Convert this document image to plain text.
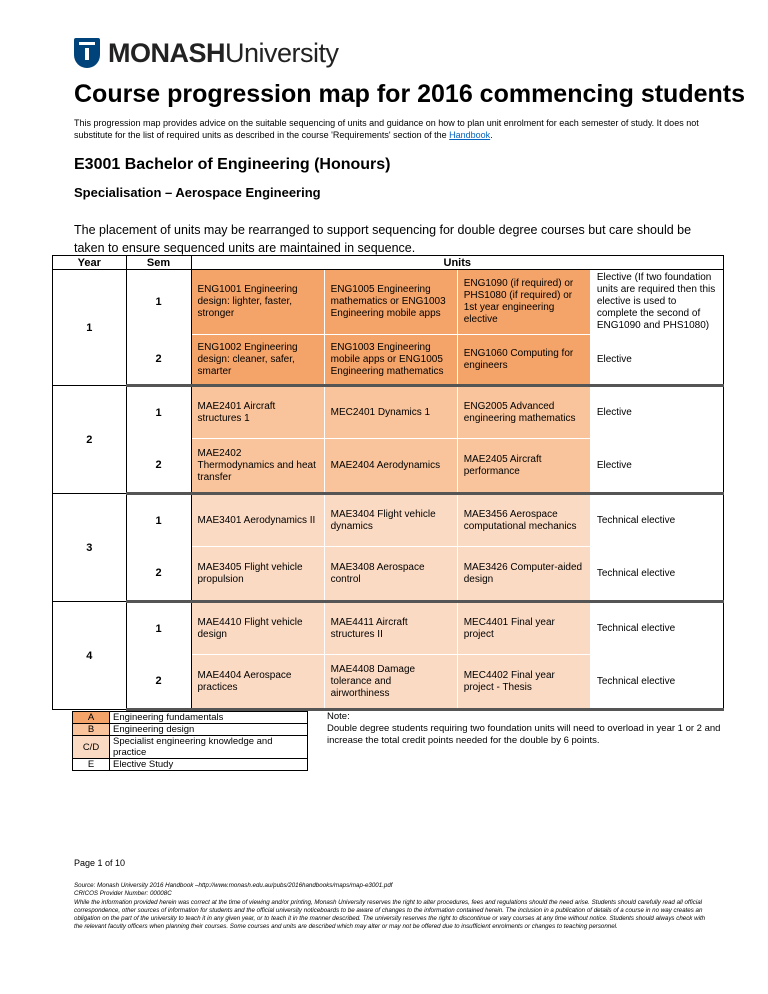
MONASHUniversity
Course progression map for 2016 commencing students
This progression map provides advice on the suitable sequencing of units and guidance on how to plan unit enrolment for each semester of study. It does not substitute for the list of required units as described in the course 'Requirements' section of the Handbook.
E3001 Bachelor of Engineering (Honours)
Specialisation – Aerospace Engineering
The placement of units may be rearranged to support sequencing for double degree courses but care should be taken to ensure sequenced units are maintained in sequence.
Year	Sem	Units			
1	1	ENG1001 Engineering design: lighter, faster, stronger	ENG1005 Engineering mathematics or ENG1003 Engineering mobile apps	ENG1090 (if required) or PHS1080 (if required) or 1st year engineering elective	Elective (If two foundation units are required then this elective is used to complete the second of ENG1090 and PHS1080)
	2	ENG1002 Engineering design: cleaner, safer, smarter	ENG1003 Engineering mobile apps or ENG1005 Engineering mathematics	ENG1060 Computing for engineers	Elective
2	1	MAE2401 Aircraft structures 1	MEC2401 Dynamics 1	ENG2005 Advanced engineering mathematics	Elective
	2	MAE2402 Thermodynamics and heat transfer	MAE2404 Aerodynamics	MAE2405 Aircraft performance	Elective
3	1	MAE3401 Aerodynamics II	MAE3404 Flight vehicle dynamics	MAE3456 Aerospace computational mechanics	Technical elective
	2	MAE3405 Flight vehicle propulsion	MAE3408 Aerospace control	MAE3426 Computer-aided design	Technical elective
4	1	MAE4410 Flight vehicle design	MAE4411 Aircraft structures II	MEC4401 Final year project	Technical elective
	2	MAE4404 Aerospace practices	MAE4408 Damage tolerance and airworthiness	MEC4402 Final year project - Thesis	Technical elective
A	Engineering fundamentals
B	Engineering design
C/D	Specialist engineering knowledge and practice
E	Elective Study
Note:
Double degree students requiring two foundation units will need to overload in year 1 or 2 and increase the total credit points needed for the double by 6 points.
Page 1 of 10
Source: Monash University 2016 Handbook –http://www.monash.edu.au/pubs/2016handbooks/maps/map-e3001.pdf
CRICOS Provider Number: 00008C
While the information provided herein was correct at the time of viewing and/or printing, Monash University reserves the right to alter procedures, fees and regulations should the need arise. Students should carefully read all official correspondence, other sources of information for students and the official university noticeboards to be aware of changes to the information contained herein. The inclusion in a publication of details of a course in no way creates an obligation on the part of the university to teach it in any given year, or to teach it in the manner described. The university reserves the right to discontinue or vary courses at any time without notice. Students should always check with the relevant faculty officers when planning their courses. Some courses and units are described which may alter or may not be offered due to insufficient enrolments or changes to teaching personnel.
